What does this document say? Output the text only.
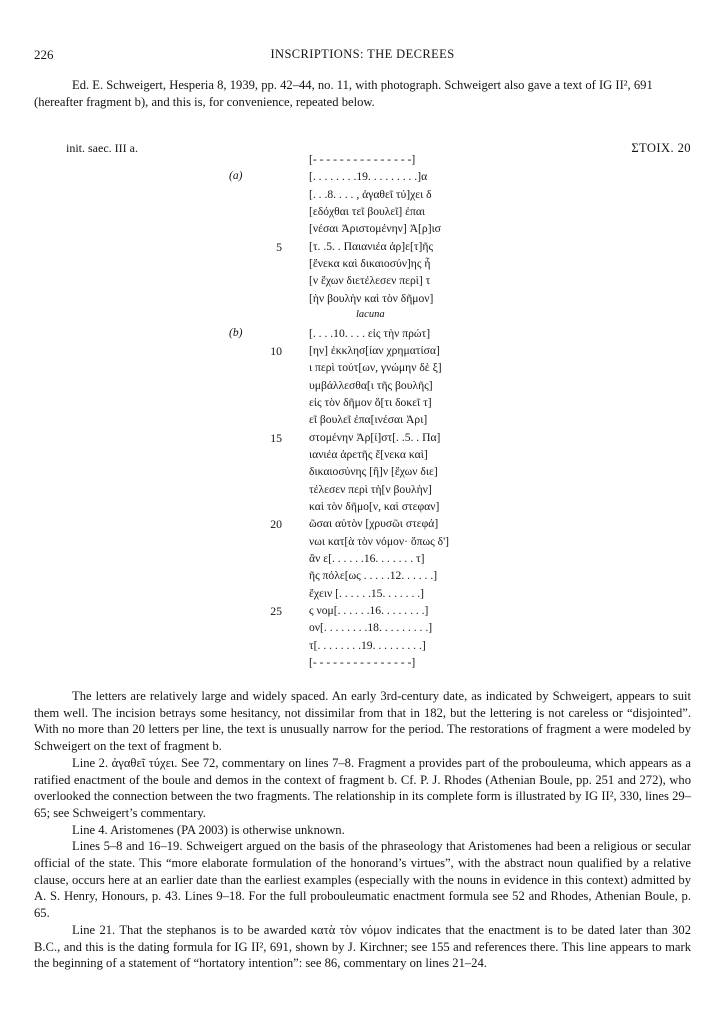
226	INSCRIPTIONS: THE DECREES
Ed. E. Schweigert, Hesperia 8, 1939, pp. 42–44, no. 11, with photograph. Schweigert also gave a text of IG II², 691 (hereafter fragment b), and this is, for convenience, repeated below.
init. saec. III a.	ΣΤΟΙΧ. 20
[- - - - - - - - - - - - - - -]
(a)	[. . . . . . . .19. . . . . . . . .]α
[. . .8. . . . , ἀγαθεῖ τύ]χει δ
[εδόχθαι τεῖ βουλεῖ] ἐπαι
[νέσαι Ἀριστομένην] Ἀ[ρ]ισ
5 [τ. .5. . Παιανιέα ἀρ]ε[τ]ῆς
[ἕνεκα καὶ δικαιοσύν]ης ἧ
[ν ἔχων διετέλεσεν περὶ] τ
[ὴν βουλὴν καὶ τὸν δῆμον]
lacuna
(b)	[. . . .10. . . . εἰς τὴν πρώτ]
10 [ην] ἐκκλησ[ίαν χρηματίσα]
ι περὶ τούτ[ων, γνώμην δὲ ξ]
υμβάλλεσθα[ι τῆς βουλῆς]
εἰς τὸν δῆμον ὅ[τι δοκεῖ τ]
εῖ βουλεῖ ἐπα[ινέσαι Ἀρι]
15 στομένην Ἀρ[ί]στ[. .5. . Πα]
ιανιέα ἀρετῆς ἕ[νεκα καὶ]
δικαιοσύνης [ἣ]ν [ἔχων διε]
τέλεσεν περὶ τὴ[ν βουλὴν]
καὶ τὸν δῆμο[ν, καὶ στεφαν]
20 ῶσαι αὐτὸν [χρυσῶι στεφά]
νωι κατ[ὰ τὸν νόμον· ὅπως δ']
ἂν ε[. . . . . .16. . . . . . . τ]
ῆς πόλε[ως . . . . .12. . . . . .]
ἔχειν [. . . . . .15. . . . . . .]
25 ς νομ[. . . . . .16. . . . . . . .]
ον[. . . . . . . .18. . . . . . . . .]
τ[. . . . . . . .19. . . . . . . . .]
[- - - - - - - - - - - - - - -]

The letters are relatively large and widely spaced. An early 3rd-century date, as indicated by Schweigert, appears to suit them well. The incision betrays some hesitancy, not dissimilar from that in 182, but the lettering is not careless or “disjointed”. With no more than 20 letters per line, the text is unusually narrow for the period. The restorations of fragment a were modeled by Schweigert on the text of fragment b.

Line 2. ἀγαθεῖ τύχει. See 72, commentary on lines 7–8. Fragment a provides part of the probouleuma, which appears as a ratified enactment of the boule and demos in the context of fragment b. Cf. P. J. Rhodes (Athenian Boule, pp. 251 and 272), who overlooked the connection between the two fragments. The relationship in its complete form is illustrated by IG II², 330, lines 29–65; see Schweigert’s commentary.

Line 4. Aristomenes (PA 2003) is otherwise unknown.

Lines 5–8 and 16–19. Schweigert argued on the basis of the phraseology that Aristomenes had been a religious or secular official of the state. This “more elaborate formulation of the honorand’s virtues”, with the abstract noun qualified by a relative clause, occurs here at an earlier date than the earliest examples (especially with the nouns in evidence in this context) admitted by A. S. Henry, Honours, p. 43. Lines 9–18. For the full probouleumatic enactment formula see 52 and Rhodes, Athenian Boule, p. 65.

Line 21. That the stephanos is to be awarded κατὰ τὸν νόμον indicates that the enactment is to be dated later than 302 B.C., and this is the dating formula for IG II², 691, shown by J. Kirchner; see 155 and references there. This line appears to mark the beginning of a statement of “hortatory intention”: see 86, commentary on lines 21–24.
